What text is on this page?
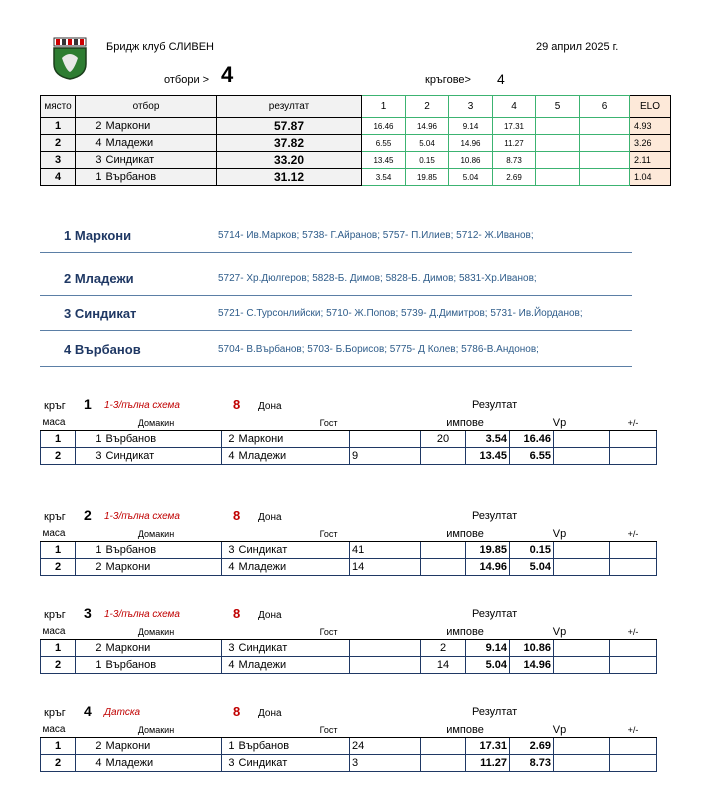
Бридж клуб СЛИВЕН	29 април 2025 г.
отбори > 4	кръгове> 4
място	отбор		резултат	1	2	3	4	5	6	ELO
1	2	Маркони	57.87	16.46	14.96	9.14	17.31			4.93
2	4	Младежи	37.82	6.55	5.04	14.96	11.27			3.26
3	3	Синдикат	33.20	13.45	0.15	10.86	8.73			2.11
4	1	Върбанов	31.12	3.54	19.85	5.04	2.69			1.04
1 Маркони	5714- Ив.Марков; 5738- Г.Айранов; 5757- П.Илиев; 5712- Ж.Иванов;
2 Младежи	5727- Хр.Дюлгеров; 5828-Б. Димов; 5828-Б. Димов; 5831-Хр.Иванов;
3 Синдикат	5721- С.Турсонлийски; 5710- Ж.Попов; 5739- Д.Димитров; 5731- Ив.Йорданов;
4 Върбанов	5704- В.Върбанов; 5703- Б.Борисов; 5775- Д Колев; 5786-В.Андонов;
кръг 1 1-3/пълна схема	8 Дона	Резултат
маса	Домакин			Гост		импове		Vp		+/-
1	1	Върбанов	2	Маркони		20	3.54	16.46		
2	3	Синдикат	4	Младежи	9		13.45	6.55		
кръг 2 1-3/пълна схема	8 Дона	Резултат
маса	Домакин			Гост		импове		Vp		+/-
1	1	Върбанов	3	Синдикат	41		19.85	0.15		
2	2	Маркони	4	Младежи	14		14.96	5.04		
кръг 3 1-3/пълна схема	8 Дона	Резултат
маса	Домакин			Гост		импове		Vp		+/-
1	2	Маркони	3	Синдикат		2	9.14	10.86		
2	1	Върбанов	4	Младежи		14	5.04	14.96		
кръг 4 Датска	8 Дона	Резултат
маса	Домакин			Гост		импове		Vp		+/-
1	2	Маркони	1	Върбанов	24		17.31	2.69		
2	4	Младежи	3	Синдикат	3		11.27	8.73		
